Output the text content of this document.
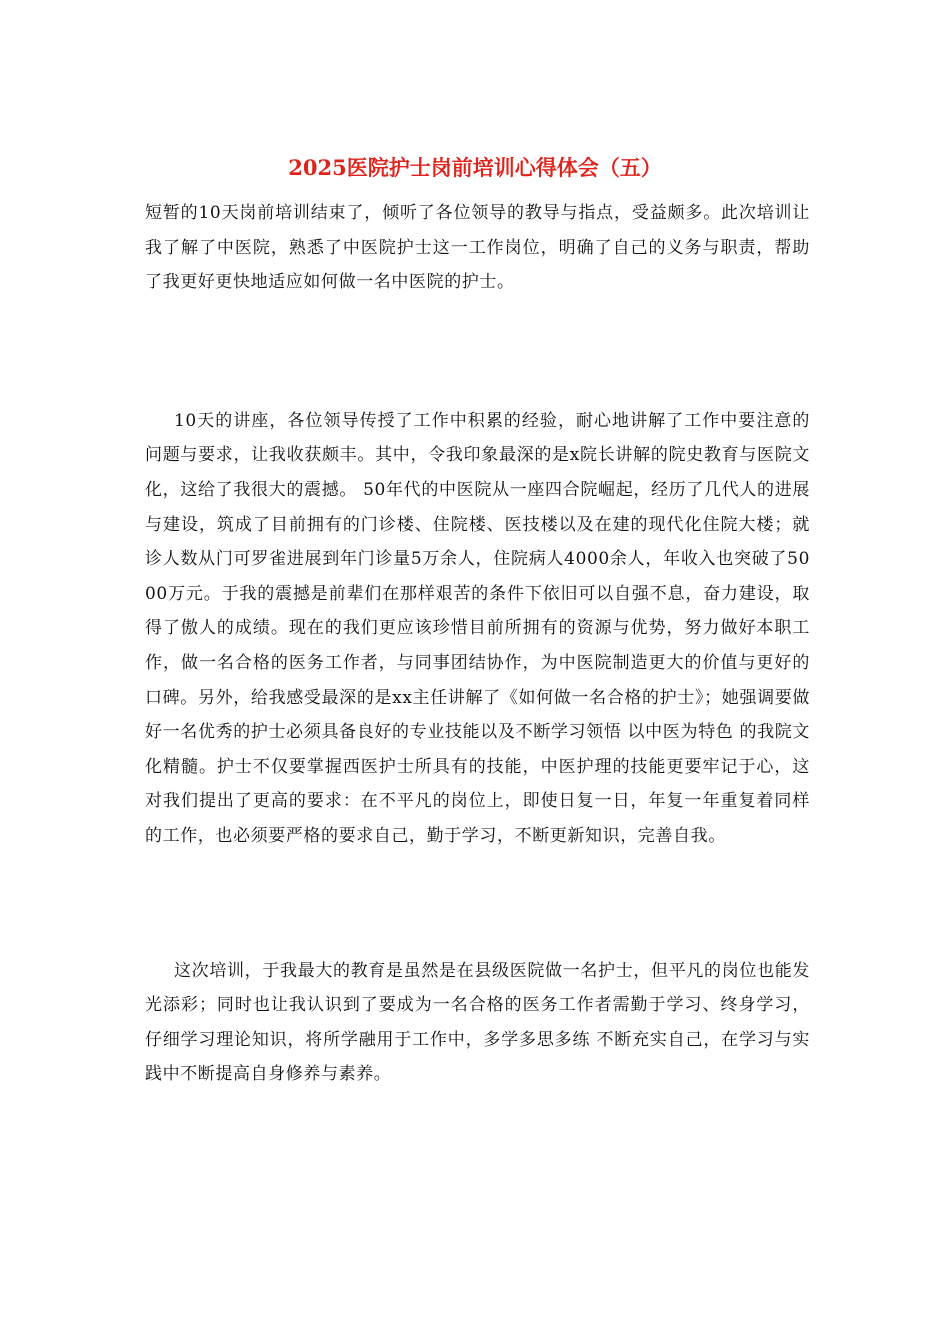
2025医院护士岗前培训心得体会（五）

短暂的10天岗前培训结束了，倾听了各位领导的教导与指点，受益颇多。此次培训让我了解了中医院，熟悉了中医院护士这一工作岗位，明确了自己的义务与职责，帮助了我更好更快地适应如何做一名中医院的护士。

10天的讲座，各位领导传授了工作中积累的经验，耐心地讲解了工作中要注意的问题与要求，让我收获颇丰。其中，令我印象最深的是x院长讲解的院史教育与医院文化，这给了我很大的震撼。 50年代的中医院从一座四合院崛起，经历了几代人的进展与建设，筑成了目前拥有的门诊楼、住院楼、医技楼以及在建的现代化住院大楼；就诊人数从门可罗雀进展到年门诊量5万余人，住院病人4000余人，年收入也突破了5000万元。于我的震撼是前辈们在那样艰苦的条件下依旧可以自强不息，奋力建设，取得了傲人的成绩。现在的我们更应该珍惜目前所拥有的资源与优势，努力做好本职工作，做一名合格的医务工作者，与同事团结协作，为中医院制造更大的价值与更好的口碑。另外，给我感受最深的是xx主任讲解了《如何做一名合格的护士》；她强调要做好一名优秀的护士必须具备良好的专业技能以及不断学习领悟 以中医为特色 的我院文化精髓。护士不仅要掌握西医护士所具有的技能，中医护理的技能更要牢记于心，这对我们提出了更高的要求：在不平凡的岗位上，即使日复一日，年复一年重复着同样的工作，也必须要严格的要求自己，勤于学习，不断更新知识，完善自我。

这次培训，于我最大的教育是虽然是在县级医院做一名护士，但平凡的岗位也能发光添彩；同时也让我认识到了要成为一名合格的医务工作者需勤于学习、终身学习，仔细学习理论知识，将所学融用于工作中，多学多思多练 不断充实自己，在学习与实践中不断提高自身修养与素养。
